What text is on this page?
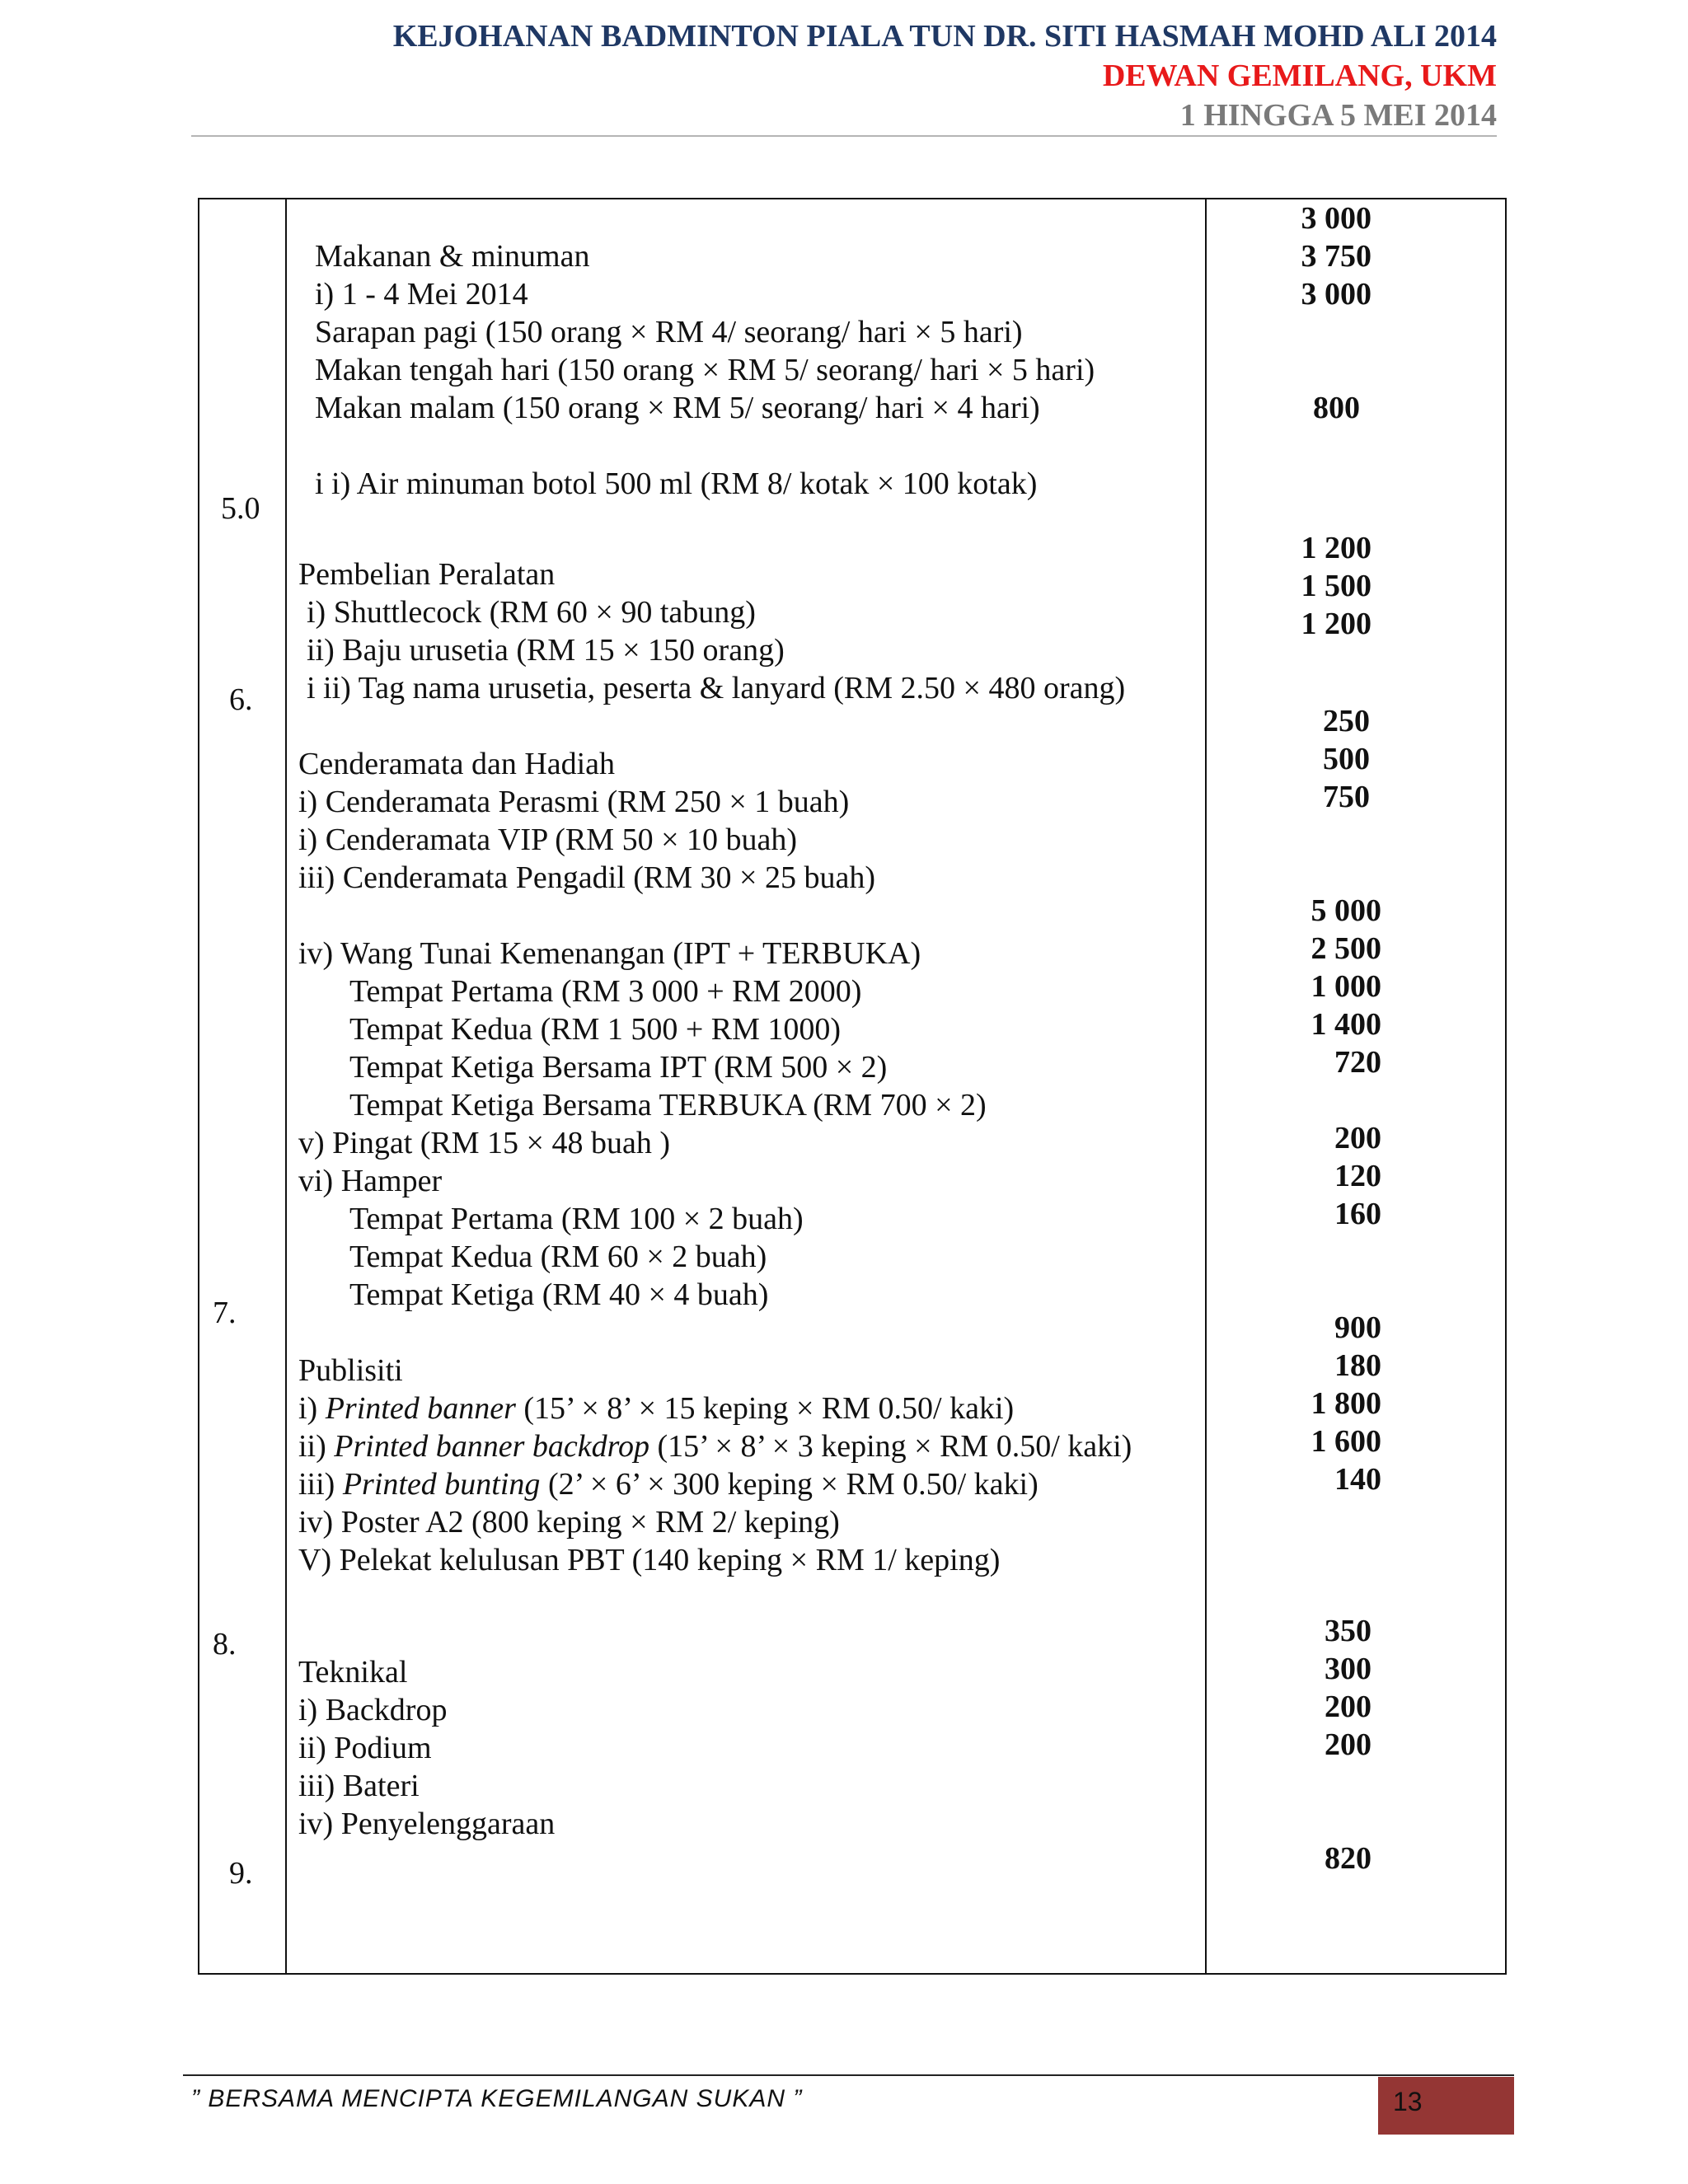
KEJOHANAN BADMINTON PIALA TUN DR. SITI HASMAH MOHD ALI 2014
DEWAN GEMILANG, UKM
1 HINGGA 5 MEI 2014
5.0
6.
7.
8.
9.
Makanan & minuman
i) 1 - 4 Mei 2014
Sarapan pagi (150 orang × RM 4/ seorang/ hari × 5 hari)
Makan tengah hari (150 orang × RM 5/ seorang/ hari × 5 hari)
Makan malam (150 orang × RM 5/ seorang/ hari × 4 hari)
i i) Air minuman botol 500 ml (RM 8/ kotak × 100 kotak)
Pembelian Peralatan
i) Shuttlecock (RM 60 × 90 tabung)
ii) Baju urusetia (RM 15 × 150 orang)
i ii) Tag nama urusetia, peserta & lanyard (RM 2.50 × 480 orang)
Cenderamata dan Hadiah
i) Cenderamata Perasmi (RM 250 × 1 buah)
i) Cenderamata VIP (RM 50 × 10 buah)
iii) Cenderamata Pengadil (RM 30 × 25 buah)
iv) Wang Tunai Kemenangan (IPT + TERBUKA)
Tempat Pertama (RM 3 000 + RM 2000)
Tempat Kedua (RM 1 500 + RM 1000)
Tempat Ketiga Bersama IPT (RM 500 × 2)
Tempat Ketiga Bersama TERBUKA (RM 700 × 2)
v) Pingat (RM 15 × 48 buah )
vi) Hamper
Tempat Pertama (RM 100 × 2 buah)
Tempat Kedua (RM 60 × 2 buah)
Tempat Ketiga (RM 40 × 4 buah)
Publisiti
i) Printed banner (15’ × 8’ × 15 keping × RM 0.50/ kaki)
ii) Printed banner backdrop (15’ × 8’ × 3 keping × RM 0.50/ kaki)
iii) Printed bunting (2’ × 6’ × 300 keping × RM 0.50/ kaki)
iv) Poster A2 (800 keping × RM 2/ keping)
V) Pelekat kelulusan PBT (140 keping × RM 1/ keping)
Teknikal
i) Backdrop
ii) Podium
iii) Bateri
iv) Penyelenggaraan
3 000
3 750
3 000
800
1 200
1 500
1 200
250
500
750
5 000
2 500
1 000
1 400
720
200
120
160
900
180
1 800
1 600
140
350
300
200
200
820
” BERSAMA MENCIPTA KEGEMILANGAN SUKAN ”	13
